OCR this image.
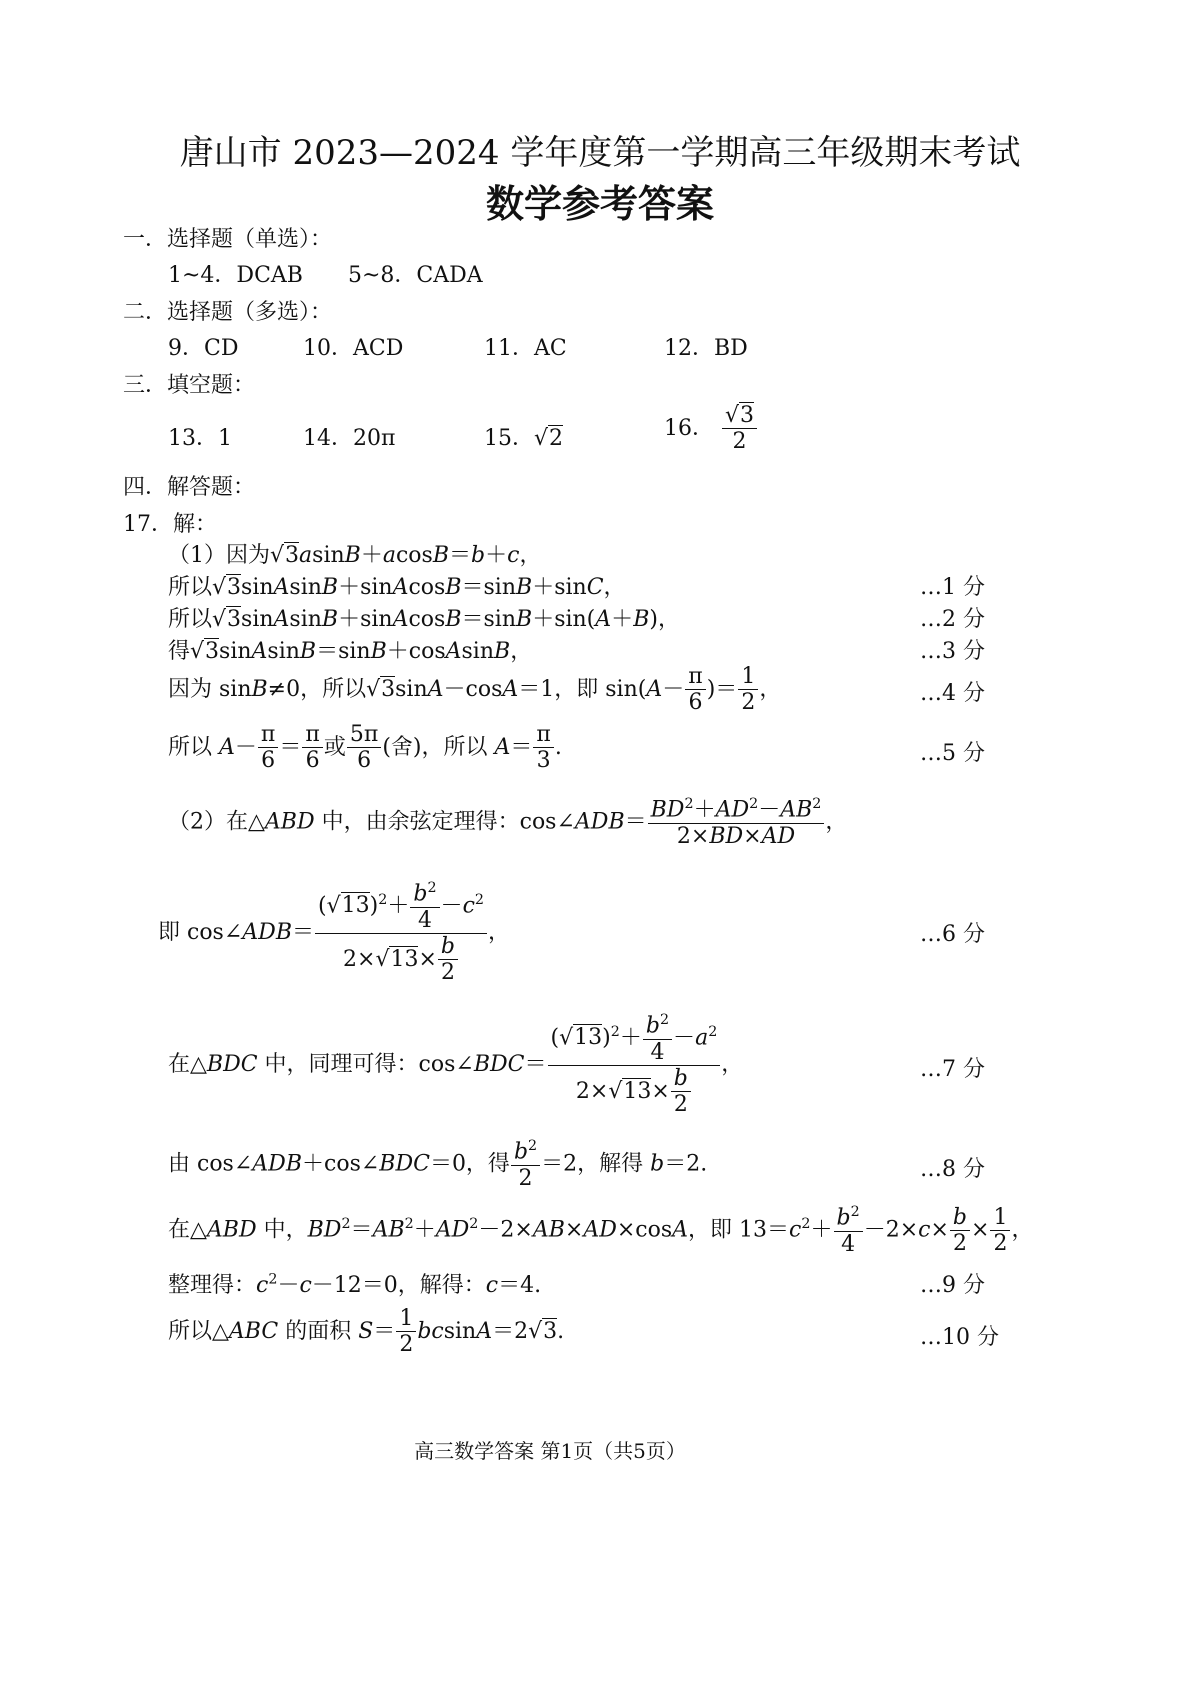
唐山市 2023—2024 学年度第一学期高三年级期末考试
数学参考答案
一．选择题（单选）：
1~4．DCAB 5~8．CADA
二．选择题（多选）：
9．CD	10．ACD	11．AC	12．BD
三．填空题：
13．1	14．20π	15．√2	16． $\frac{√3}{2}$
四．解答题：
17．解：
（1）因为√3asinB＋acosB＝b＋c，
所以√3sinAsinB＋sinAcosB＝sinB＋sinC，	…1 分
所以√3sinAsinB＋sinAcosB＝sinB＋sin(A＋B)，	…2 分
得√3sinAsinB＝sinB＋cosAsinB，	…3 分
因为 sinB≠0，所以√3sinA－cosA＝1，即 $\sin(A- \frac{\pi}{6}$ )＝ $\frac{1}{2}$ ，	…4 分
所以 $A- \frac{\pi}{6} = \frac{\pi}{6}$ 或 $\frac{5\pi}{6}$ (舍)，所以 $A= \frac{\pi}{3}$ .	…5 分
（2）在△ABD 中，由余弦定理得：cos∠ADB＝ $\frac{BD^2+AD^2-AB^2}{2\times BD\times AD}$ ，
即 cos∠ADB＝ $\frac{(√13)^2+ \frac{b^2}{4} -c^2}{2\times√13\times \frac{b}{2}}$ ，	…6 分
在△BDC 中，同理可得：cos∠BDC＝ $\frac{(√13)^2+ \frac{b^2}{4} -a^2}{2\times√13\times \frac{b}{2}}$ ，	…7 分
由 cos∠ADB＋cos∠BDC＝0，得 $\frac{b^2}{2} =2$，解得 b＝2.	…8 分
在△ABD 中，$BD^2=AB^2+AD^2-2\times AB\times AD\times\cos A$，即 $13=c^2+ \frac{b^2}{4} -2\times c\times \frac{b}{2} \times \frac{1}{2}$ ，
整理得：$c^2-c-12=0$，解得：c＝4.	…9 分
所以△ABC 的面积 $S= \frac{1}{2} bcsinA=2√3$.	…10 分
高三数学答案 第1页（共5页）
